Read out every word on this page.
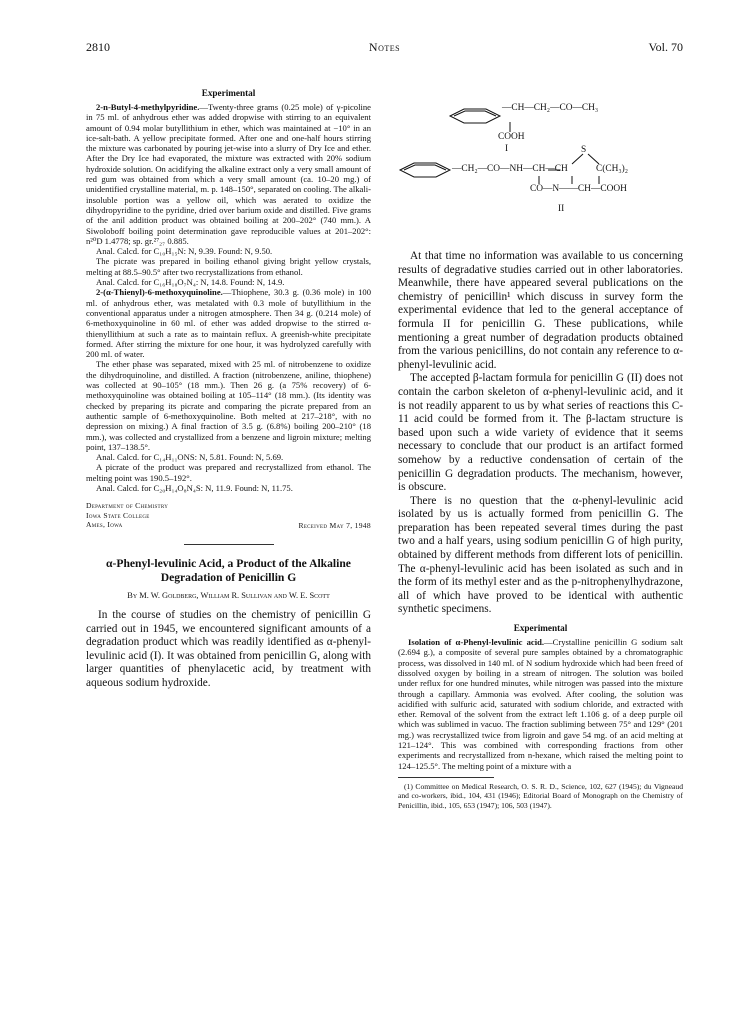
2810	Notes	Vol. 70
Experimental

2-n-Butyl-4-methylpyridine.—Twenty-three grams (0.25 mole) of γ-picoline in 75 ml. of anhydrous ether was added dropwise with stirring to an equivalent amount of 0.94 molar butyllithium in ether, which was maintained at −10° in an ice-salt-bath. A yellow precipitate formed. After one and one-half hours stirring the mixture was carbonated by pouring jet-wise into a slurry of Dry Ice and ether. After the Dry Ice had evaporated, the mixture was extracted with 20% sodium hydroxide solution. On acidifying the alkaline extract only a very small amount of red gum was obtained from which a very small amount (ca. 10–20 mg.) of unidentified crystalline material, m. p. 148–150°, separated on cooling. The alkali-insoluble portion was a yellow oil, which was aerated to oxidize the dihydropyridine to the pyridine, dried over barium oxide and distilled. Five grams of the anil addition product was obtained boiling at 200–202° (740 mm.). A Siwoloboff boiling point determination gave reproducible values at 201–202°: n²⁰D 1.4778; sp. gr.²⁷₂₇ 0.885.

Anal. Calcd. for C₁₀H₁₅N: N, 9.39. Found: N, 9.50.

The picrate was prepared in boiling ethanol giving bright yellow crystals, melting at 88.5–90.5° after two recrystallizations from ethanol.

Anal. Calcd. for C₁₆H₁₈O₇N₄: N, 14.8. Found: N, 14.9.

2-(α-Thienyl)-6-methoxyquinoline.—Thiophene, 30.3 g. (0.36 mole) in 100 ml. of anhydrous ether, was metalated with 0.3 mole of butyllithium in the conventional apparatus under a nitrogen atmosphere. Then 34 g. (0.214 mole) of 6-methoxyquinoline in 60 ml. of ether was added dropwise to the stirred α-thienyllithium at such a rate as to maintain reflux. A greenish-white precipitate formed. After stirring the mixture for one hour, it was hydrolyzed carefully with 200 ml. of water.

The ether phase was separated, mixed with 25 ml. of nitrobenzene to oxidize the dihydroquinoline, and distilled. A fraction (nitrobenzene, aniline, thiophene) was collected at 90–105° (18 mm.). Then 26 g. (a 75% recovery) of 6-methoxyquinoline was obtained boiling at 105–114° (18 mm.). (Its identity was checked by preparing its picrate and comparing the picrate prepared from an authentic sample of 6-methoxyquinoline. Both melted at 217–218°, with no depression on mixing.) A final fraction of 3.5 g. (6.8%) boiling 200–210° (18 mm.), was collected and crystallized from a benzene and ligroin mixture; melting point, 137–138.5°.

Anal. Calcd. for C₁₄H₁₁ONS: N, 5.81. Found: N, 5.69.

A picrate of the product was prepared and recrystallized from ethanol. The melting point was 190.5–192°.

Anal. Calcd. for C₂₀H₁₄O₈N₄S: N, 11.9. Found: N, 11.75.

Department of Chemistry

Iowa State College

Ames, Iowa	Received May 7, 1948
α-Phenyl-levulinic Acid, a Product of the Alkaline Degradation of Penicillin G
By M. W. Goldberg, William R. Sullivan and W. E. Scott

In the course of studies on the chemistry of penicillin G carried out in 1945, we encountered significant amounts of a degradation product which was readily identified as α-phenyl-levulinic acid (I). It was obtained from penicillin G, along with larger quantities of phenylacetic acid, by treatment with aqueous sodium hydroxide.

—CH—CH₂—CO—CH₃
COOH
I	S
—CH₂—CO—NH—CH—CH	C(CH₃)₂
CO—N——CH—COOH
II

At that time no information was available to us concerning results of degradative studies carried out in other laboratories. Meanwhile, there have appeared several publications on the chemistry of penicillin¹ which discuss in survey form the experimental evidence that led to the general acceptance of formula II for penicillin G. These publications, while mentioning a great number of degradation products obtained from the various penicillins, do not contain any reference to α-phenyl-levulinic acid.

The accepted β-lactam formula for penicillin G (II) does not contain the carbon skeleton of α-phenyl-levulinic acid, and it is not readily apparent to us by what series of reactions this C-11 acid could be formed from it. The β-lactam structure is based upon such a wide variety of evidence that it seems necessary to conclude that our product is an artifact formed somehow by a reductive condensation of certain of the penicillin G degradation products. The mechanism, however, is obscure.

There is no question that the α-phenyl-levulinic acid isolated by us is actually formed from penicillin G. The preparation has been repeated several times during the past two and a half years, using sodium penicillin G of high purity, obtained by different methods from different lots of penicillin. The α-phenyl-levulinic acid has been isolated as such and in the form of its methyl ester and as the p-nitrophenylhydrazone, all of which have proved to be identical with authentic synthetic specimens.

Experimental

Isolation of α-Phenyl-levulinic acid.—Crystalline penicillin G sodium salt (2.694 g.), a composite of several pure samples obtained by a chromatographic process, was dissolved in 140 ml. of N sodium hydroxide which had been freed of dissolved oxygen by boiling in a stream of nitrogen. The solution was boiled under reflux for one hundred minutes, while nitrogen was passed into the mixture through a capillary. Ammonia was evolved. After cooling, the solution was acidified with sulfuric acid, saturated with sodium chloride, and extracted with ether. Removal of the solvent from the extract left 1.106 g. of a deep purple oil which was sublimed in vacuo. The fraction subliming between 75° and 129° (201 mg.) was recrystallized twice from ligroin and gave 54 mg. of an acid melting at 121–124°. This was combined with corresponding fractions from other experiments and recrystallized from n-hexane, which raised the melting point to 124–125.5°. The melting point of a mixture with a

(1) Committee on Medical Research, O. S. R. D., Science, 102, 627 (1945); du Vigneaud and co-workers, ibid., 104, 431 (1946); Editorial Board of Monograph on the Chemistry of Penicillin, ibid., 105, 653 (1947); 106, 503 (1947).
